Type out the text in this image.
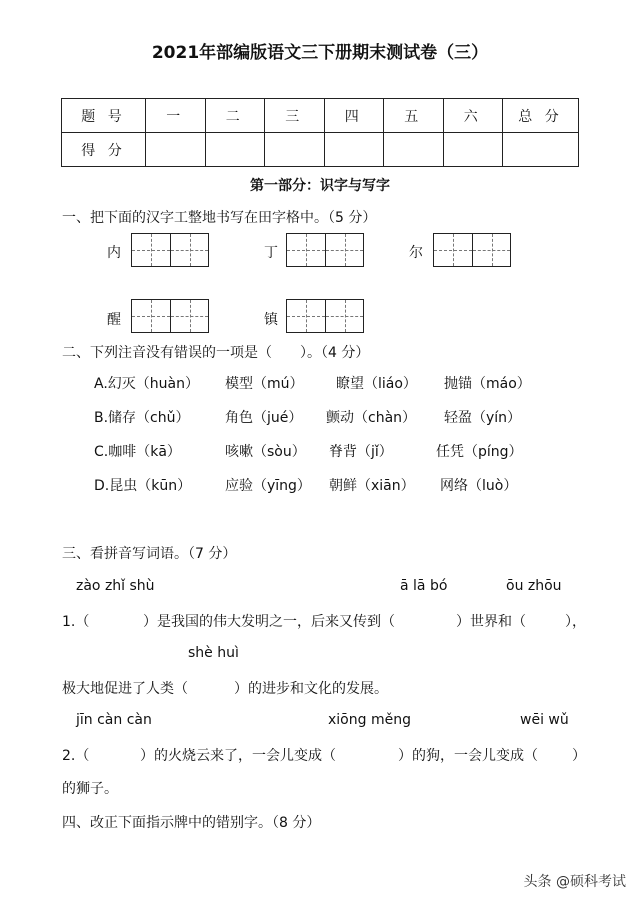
2021年部编版语文三下册期末测试卷（三）
题 号	一	二	三	四	五	六	总 分
得 分							
第一部分：识字与写字
一、把下面的汉字工整地书写在田字格中。（5 分）
内	丁	尔
醒	镇
二、下列注音没有错误的一项是（　　）。（4 分）
A.幻灭（huàn） 模型（mú） 瞭望（liáo） 抛锚（máo）
B.储存（chǔ）	角色（jué） 颤动（chàn） 轻盈（yín）
C.咖啡（kā）	咳嗽（sòu） 脊背（jǐ）	任凭（píng）
D.昆虫（kūn） 应验（yīng） 朝鲜（xiān） 网络（luò）
三、看拼音写词语。（7 分）
zào zhǐ shù	ā lā bó	ōu zhōu
1.（	）是我国的伟大发明之一，后来又传到（	）世界和（	），
shè huì
极大地促进了人类（	）的进步和文化的发展。
jīn càn càn	xiōng měng	wēi wǔ
2.（	）的火烧云来了，一会儿变成（	）的狗，一会儿变成（ ）
的狮子。
四、改正下面指示牌中的错别字。（8 分）
头条 @硕科考试
